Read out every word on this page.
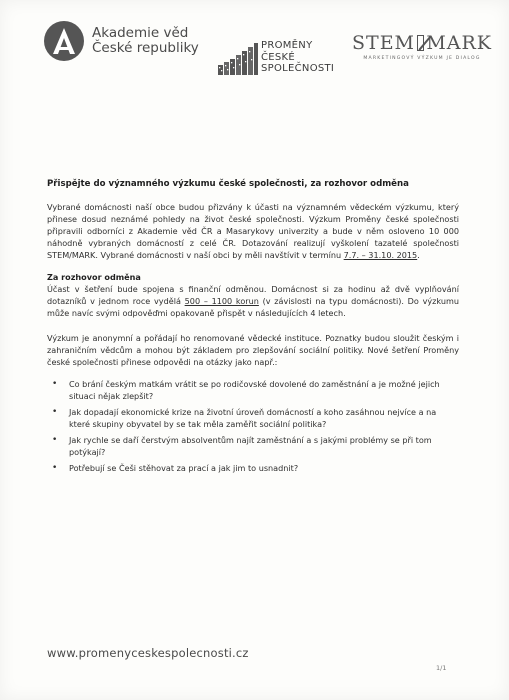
Akademie věd
České republiky	PROMĚNY
ČESKÉ
SPOLEČNOSTI
STEM MARK
MARKETINGOVÝ VÝZKUM JE DIALOG

Přispějte do významného výzkumu české společnosti, za rozhovor odměna

Vybrané domácnosti naší obce budou přizvány k účasti na významném vědeckém výzkumu, který přinese dosud neznámé pohledy na život české společnosti. Výzkum Proměny české společnosti připravili odborníci z Akademie věd ČR a Masarykovy univerzity a bude v něm osloveno 10 000 náhodně vybraných domácností z celé ČR. Dotazování realizují vyškolení tazatelé společnosti STEM/MARK. Vybrané domácnosti v naší obci by měli navštívit v termínu 7.7. – 31.10. 2015.

Za rozhovor odměna

Účast v šetření bude spojena s finanční odměnou. Domácnost si za hodinu až dvě vyplňování dotazníků v jednom roce vydělá 500 – 1100 korun (v závislosti na typu domácnosti). Do výzkumu může navíc svými odpověďmi opakovaně přispět v následujících 4 letech.

Výzkum je anonymní a pořádají ho renomované vědecké instituce. Poznatky budou sloužit českým i zahraničním vědcům a mohou být základem pro zlepšování sociální politiky. Nové šetření Proměny české společnosti přinese odpovědi na otázky jako např.:

• Co brání českým matkám vrátit se po rodičovské dovolené do zaměstnání a je možné jejich situaci nějak zlepšit?
• Jak dopadají ekonomické krize na životní úroveň domácností a koho zasáhnou nejvíce a na které skupiny obyvatel by se tak měla zaměřit sociální politika?
• Jak rychle se daří čerstvým absolventům najít zaměstnání a s jakými problémy se při tom potýkají?
• Potřebují se Češi stěhovat za prací a jak jim to usnadnit?
www.promenyceskespolecnosti.cz
1/1
